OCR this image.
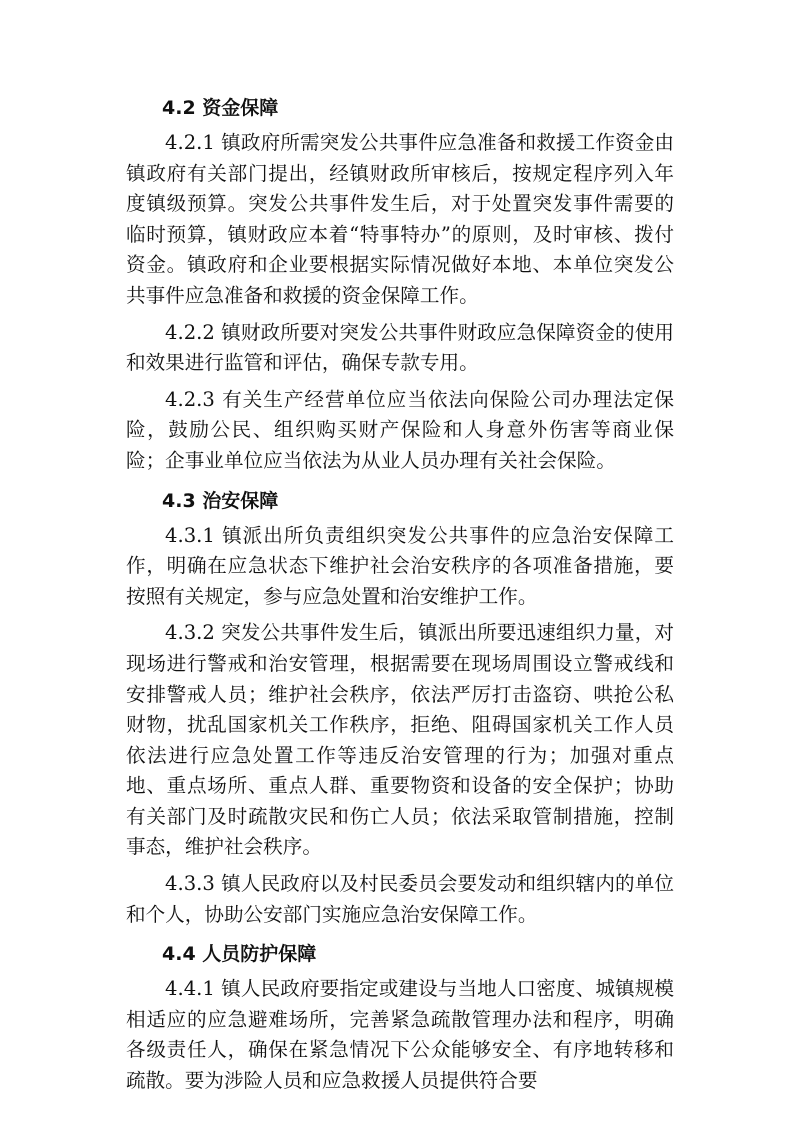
4.2 资金保障

4.2.1 镇政府所需突发公共事件应急准备和救援工作资金由镇政府有关部门提出，经镇财政所审核后，按规定程序列入年度镇级预算。突发公共事件发生后，对于处置突发事件需要的临时预算，镇财政应本着“特事特办”的原则，及时审核、拨付资金。镇政府和企业要根据实际情况做好本地、本单位突发公共事件应急准备和救援的资金保障工作。

4.2.2 镇财政所要对突发公共事件财政应急保障资金的使用和效果进行监管和评估，确保专款专用。

4.2.3 有关生产经营单位应当依法向保险公司办理法定保险，鼓励公民、组织购买财产保险和人身意外伤害等商业保险；企事业单位应当依法为从业人员办理有关社会保险。

4.3 治安保障

4.3.1 镇派出所负责组织突发公共事件的应急治安保障工作，明确在应急状态下维护社会治安秩序的各项准备措施，要按照有关规定，参与应急处置和治安维护工作。

4.3.2 突发公共事件发生后，镇派出所要迅速组织力量，对现场进行警戒和治安管理，根据需要在现场周围设立警戒线和安排警戒人员；维护社会秩序，依法严厉打击盗窃、哄抢公私财物，扰乱国家机关工作秩序，拒绝、阻碍国家机关工作人员依法进行应急处置工作等违反治安管理的行为；加强对重点地、重点场所、重点人群、重要物资和设备的安全保护；协助有关部门及时疏散灾民和伤亡人员；依法采取管制措施，控制事态，维护社会秩序。

4.3.3 镇人民政府以及村民委员会要发动和组织辖内的单位和个人，协助公安部门实施应急治安保障工作。

4.4 人员防护保障

4.4.1 镇人民政府要指定或建设与当地人口密度、城镇规模相适应的应急避难场所，完善紧急疏散管理办法和程序，明确各级责任人，确保在紧急情况下公众能够安全、有序地转移和疏散。要为涉险人员和应急救援人员提供符合要
